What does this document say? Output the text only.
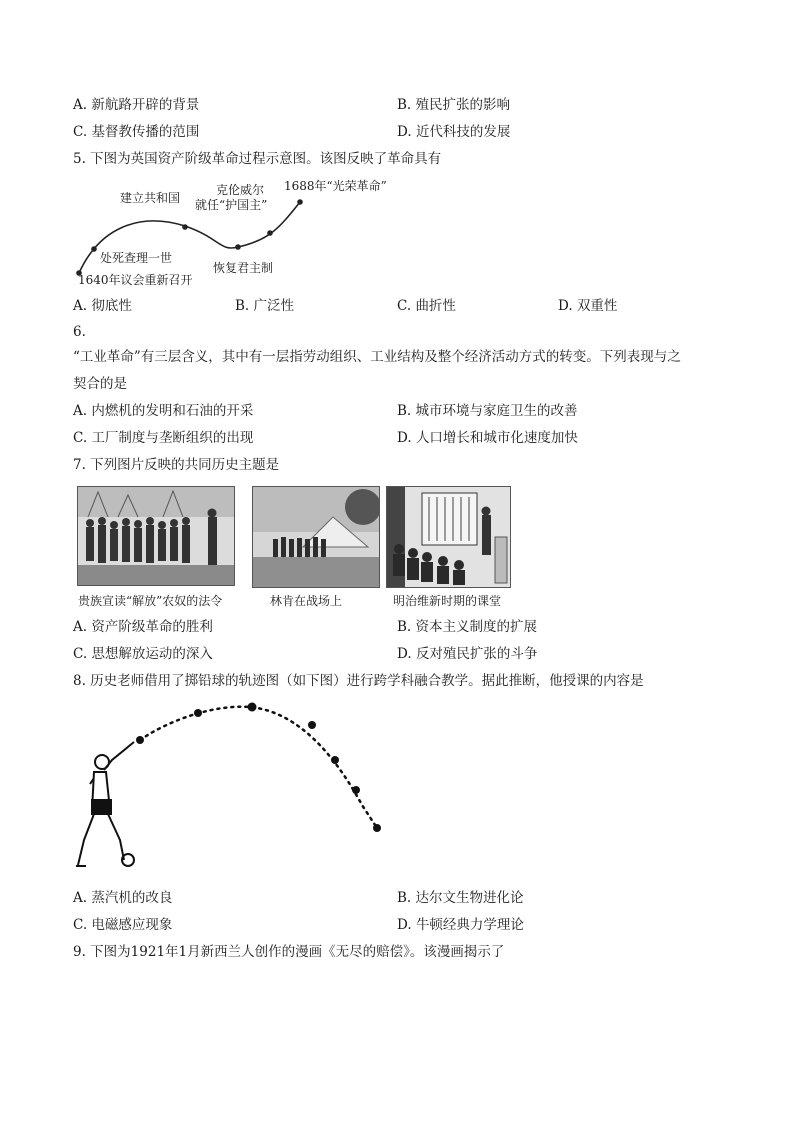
A. 新航路开辟的背景	B. 殖民扩张的影响
C. 基督教传播的范围	D. 近代科技的发展
5. 下图为英国资产阶级革命过程示意图。该图反映了革命具有
1640年议会重新召开
处死查理一世
建立共和国
恢复君主制
克伦威尔
就任“护国主”
1688年“光荣革命”
A. 彻底性	B. 广泛性	C. 曲折性	D. 双重性
6.
“工业革命”有三层含义，其中有一层指劳动组织、工业结构及整个经济活动方式的转变。下列表现与之
契合的是
A. 内燃机的发明和石油的开采	B. 城市环境与家庭卫生的改善
C. 工厂制度与垄断组织的出现	D. 人口增长和城市化速度加快
7. 下列图片反映的共同历史主题是
贵族宣读“解放”农奴的法令	林肯在战场上	明治维新时期的课堂
A. 资产阶级革命的胜利	B. 资本主义制度的扩展
C. 思想解放运动的深入	D. 反对殖民扩张的斗争
8. 历史老师借用了掷铅球的轨迹图（如下图）进行跨学科融合教学。据此推断，他授课的内容是
A. 蒸汽机的改良	B. 达尔文生物进化论
C. 电磁感应现象	D. 牛顿经典力学理论
9. 下图为1921年1月新西兰人创作的漫画《无尽的赔偿》。该漫画揭示了
